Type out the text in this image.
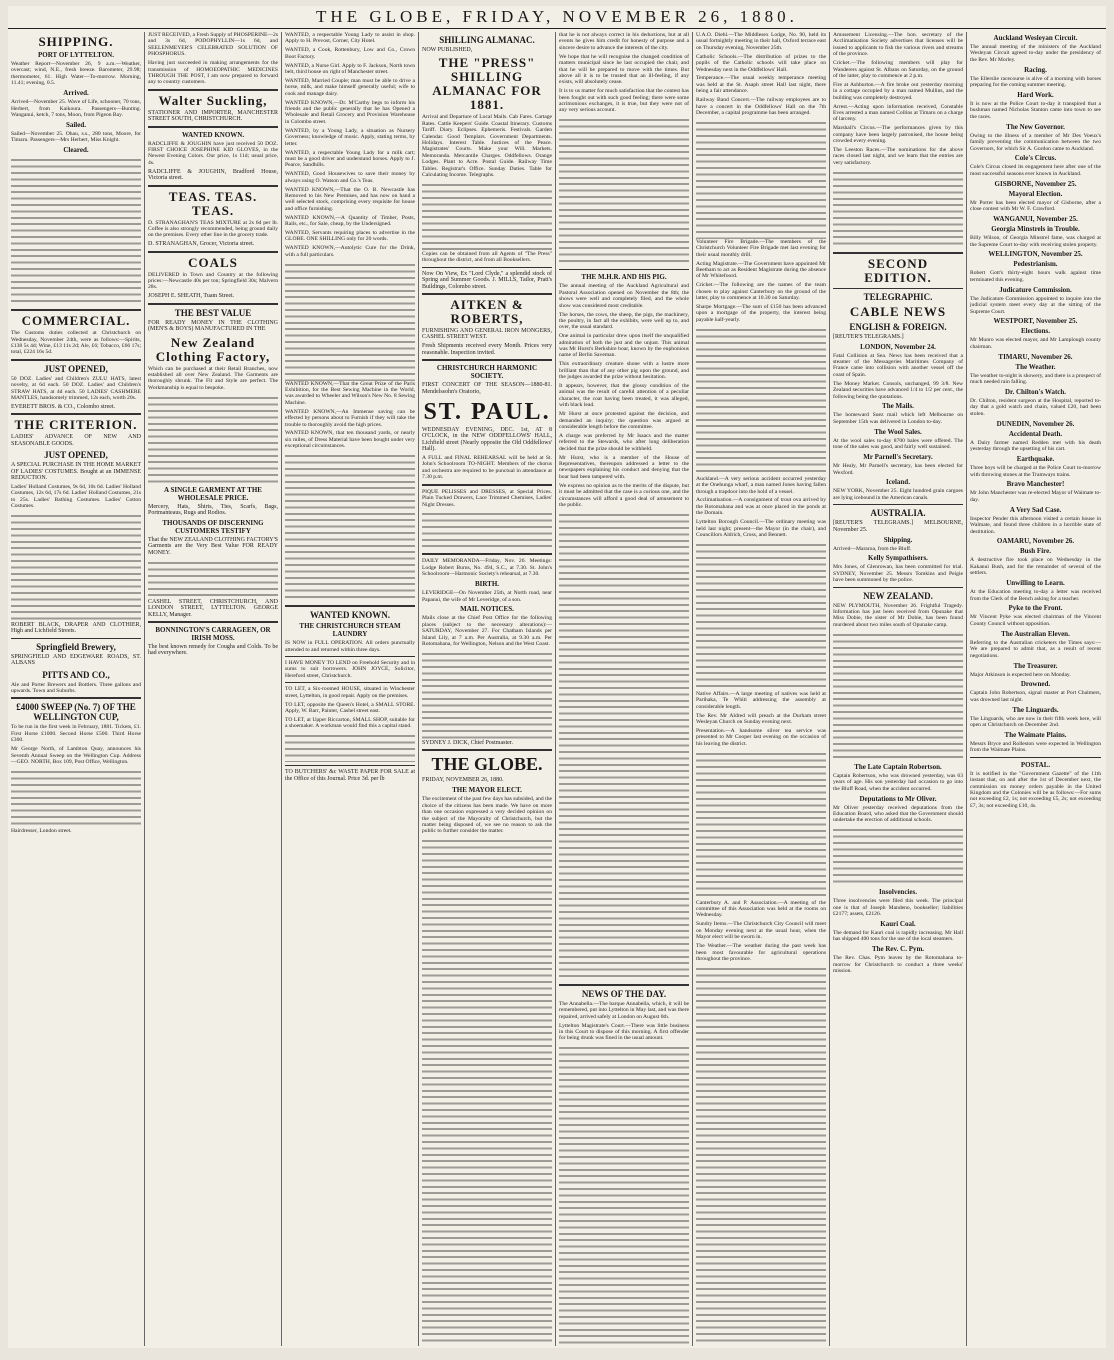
THE GLOBE, FRIDAY, NOVEMBER 26, 1880.
SHIPPING.
PORT OF LYTTELTON.

Weather Report—November 26, 9 a.m.—Weather, overcast; wind, N.E., fresh breeze. Barometer, 29.98; thermometer, 61. High Water—To-morrow. Morning, 11.41; evening, 0.5.

Arrived.

Arrived—November 25. Wave of Life, schooner, 70 tons, Herbert, from Kaikoura. Passengers—Bunting. Wanganui, ketch, 7 tons, Moon, from Pigeon Bay.

Sailed.

Sailed—November 25. Ohau, s.s., 280 tons, Moore, for Timaru. Passengers—Mrs Herbert, Miss Knight.

Cleared.
COMMERCIAL.

The Customs duties collected at Christchurch on Wednesday, November 24th, were as follows:—Spirits, £138 5s 4d; Wine, £13 11s 2d; Ale, £6; Tobacco, £66 17s; total, £224 16s 5d.

JUST OPENED,

50 DOZ. Ladies' and Children's ZULU HATS, latest novelty, at 6d each. 50 DOZ. Ladies' and Children's STRAW HATS, at 4d each. 50 LADIES' CASHMERE MANTLES, handsomely trimmed, 12s each, worth 20s.

EVERETT BROS. & CO., Colombo street.

THE CRITERION.

LADIES' ADVANCE OF NEW AND SEASONABLE GOODS.

JUST OPENED,

A SPECIAL PURCHASE IN THE HOME MARKET OF LADIES' COSTUMES. Bought at an IMMENSE REDUCTION.

Ladies' Holland Costumes, 9s 6d, 10s 6d. Ladies' Holland Costumes, 12s 6d, 17s 6d. Ladies' Holland Costumes, 21s to 25s. Ladies' Bathing Costumes. Ladies' Cotton Costumes.

ROBERT BLACK, DRAPER AND CLOTHIER, High and Lichfield Streets.

Springfield Brewery,

SPRINGFIELD AND EDGEWARE ROADS, ST. ALBANS

PITTS AND CO.,

Ale and Porter Brewers and Bottlers. Three gallons and upwards. Town and Suburbs.

£4000 SWEEP (No. 7) OF THE WELLINGTON CUP,

To be run in the first week in February, 1881. Tickets, £1. First Horse £1000. Second Horse £500. Third Horse £300.

Mr George North, of Lambton Quay, announces his Seventh Annual Sweep on the Wellington Cup. Address—GEO. NORTH, Box 109, Post Office, Wellington.

Hairdresser, London street.

JUST RECEIVED, a Fresh Supply of PHOSPERINE—2s and 3s 6d, PODOPHYLLIN—1s 6d, and SEELENMEYER'S CELEBRATED SOLUTION OF PHOSPHORUS.

Having just succeeded in making arrangements for the transmission of HOMOEOPATHIC MEDICINES THROUGH THE POST, I am now prepared to forward any to country customers.

Walter Suckling,

STATIONER AND IMPORTER, MANCHESTER STREET SOUTH, CHRISTCHURCH.

WANTED KNOWN.

RADCLIFFE & JOUGHIN have just received 50 DOZ. FIRST CHOICE JOSEPHINE KID GLOVES, in the Newest Evening Colors. Our price, 1s 11d; usual price, 4s.

RADCLIFFE & JOUGHIN, Bradford House, Victoria street.

TEAS. TEAS. TEAS.

D. STRANAGHAN'S TEAS MIXTURE at 2s 6d per lb. Coffee is also strongly recommended, being ground daily on the premises. Every other line in the grocery trade.

D. STRANAGHAN, Grocer, Victoria street.

COALS

DELIVERED in Town and Country at the following prices:—Newcastle 40s per ton; Springfield 30s; Malvern 28s.

JOSEPH E. SHEATH, Tuam Street.

THE BEST VALUE

FOR READY MONEY IN THE CLOTHING (MEN'S & BOYS) MANUFACTURED IN THE

New Zealand Clothing Factory,

Which can be purchased at their Retail Branches, now established all over New Zealand. The Garments are thoroughly shrunk. The Fit and Style are perfect. The Workmanship is equal to bespoke.

A SINGLE GARMENT AT THE WHOLESALE PRICE.

Mercery, Hats, Shirts, Ties, Scarfs, Bags, Portmanteaus, Rugs and Rodios.

THOUSANDS OF DISCERNING CUSTOMERS TESTIFY

That the NEW ZEALAND CLOTHING FACTORY'S Garments are the Very Best Value FOR READY MONEY.

CASHEL STREET, CHRISTCHURCH, AND LONDON STREET, LYTTELTON. GEORGE KELLY, Manager.

BONNINGTON'S CARRAGEEN, OR IRISH MOSS.

The best known remedy for Coughs and Colds. To be had everywhere.

WANTED, a respectable Young Lady to assist in shop. Apply to H. Prevost, Corner, City Hotel.

WANTED, a Cook, Rottenbury, Low and Co., Crown Boot Factory.

WANTED, a Nurse Girl. Apply to F. Jackson, North town belt, third house on right of Manchester street.

WANTED, Married Couple; man must be able to drive a horse, milk, and make himself generally useful; wife to cook and manage dairy.

WANTED KNOWN,—Dr. M'Carthy begs to inform his friends and the public generally that he has Opened a Wholesale and Retail Grocery and Provision Warehouse in Colombo street.

WANTED, by a Young Lady, a situation as Nursery Governess; knowledge of music. Apply, stating terms, by letter.

WANTED, a respectable Young Lady for a milk cart; must be a good driver and understand horses. Apply to J. Pearce, Sandhills.

WANTED, Good Housewives to save their money by always using O. Watson and Co.'s Teas.

WANTED KNOWN,—That the O. B. Newcastle has Removed to his New Premises, and has now on hand a well selected stock, comprising every requisite for house and office furnishing.

WANTED KNOWN,—A Quantity of Timber, Posts, Rails, etc., for Sale, cheap, by the Undersigned.

WANTED, Servants requiring places to advertise in the GLOBE. ONE SHILLING only for 20 words.

WANTED KNOWN,—Autolytic Cure for the Drink, with a full particulars.

WANTED KNOWN,—That the Great Prize of the Paris Exhibition, for the Best Sewing Machine in the World, was awarded to Wheeler and Wilson's New No. 8 Sewing Machine.

WANTED KNOWN,—An Immense saving can be effected by persons about to Furnish if they will take the trouble to thoroughly avoid the high prices.

WANTED KNOWN, that ten thousand yards, or nearly six miles, of Dress Material have been bought under very exceptional circumstances.

WANTED KNOWN.
THE CHRISTCHURCH STEAM LAUNDRY

IS NOW in FULL OPERATION. All orders punctually attended to and returned within three days.

I HAVE MONEY TO LEND on Freehold Security and in sums to suit borrowers. JOHN JOYCE, Solicitor, Hereford street, Christchurch.

TO LET, a Six-roomed HOUSE, situated in Winchester street, Lyttelton, in good repair. Apply on the premises.

TO LET, opposite the Queen's Hotel, a SMALL STORE. Apply, W. Barr, Painter, Cashel street east.

TO LET, at Upper Riccarton, SMALL SHOP, suitable for a shoemaker. A workman would find this a capital stand.

TO BUTCHERS' &c WASTE PAPER FOR SALE at the Office of this Journal. Price 3d. per lb

SHILLING ALMANAC.

NOW PUBLISHED,

THE "PRESS" SHILLING ALMANAC FOR 1881.

Arrival and Departure of Local Mails. Cab Fares. Cartage Rates. Cattle Keepers' Guide. Coastal Itinerary. Customs Tariff. Diary. Eclipses. Ephemeris. Festivals. Garden Calendar. Good Templars. Government Departments. Holidays. Interest Table. Justices of the Peace. Magistrates' Courts. Make your Will. Markets. Memoranda. Mercantile Charges. Oddfellows. Orange Lodges. Plant to Acre. Postal Guide. Railway Time Tables. Registrar's Office. Sunday Duties. Table for Calculating Income. Telegraphs.

Copies can be obtained from all Agents of "The Press" throughout the district, and from all Booksellers.

Now On View, Ex "Lord Clyde," a splendid stock of Spring and Summer Goods. J. MILLS, Tailor, Pratt's Buildings, Colombo street.

AITKEN & ROBERTS,

FURNISHING AND GENERAL IRON MONGERS, CASHEL STREET WEST.

Fresh Shipments received every Month. Prices very reasonable. Inspection invited.

CHRISTCHURCH HARMONIC SOCIETY.

FIRST CONCERT OF THE SEASON—1880-81. Mendelssohn's Oratorio,

ST. PAUL.

WEDNESDAY EVENING, DEC. 1st, AT 8 O'CLOCK, in the NEW ODDFELLOWS' HALL, Lichfield street (Nearly opposite the Old Oddfellows' Hall).

A FULL and FINAL REHEARSAL will be held at St. John's Schoolroom TO-NIGHT. Members of the chorus and orchestra are required to be punctual in attendance at 7.30 p.m.

PIQUE PELISSES and DRESSES, at Special Prices. Plain Tucked Drawers, Lace Trimmed Chemises, Ladies' Night Dresses.

DAILY MEMORANDA—Friday, Nov. 26. Meetings: Lodge Robert Burns, No. 494, S.C., at 7.30. St. John's Schoolroom—Harmonic Society's rehearsal, at 7.30.

BIRTH.

LEVERIDGE—On November 25th, at North road, near Papanui, the wife of Mr Leveridge, of a son.

MAIL NOTICES.

Mails close at the Chief Post Office for the following places (subject to the necessary alterations):—SATURDAY, November 27. For Chatham Islands per Island Lily, at 7 a.m. Per Australia, at 9.30 a.m. Per Rotomahana, for Wellington, Nelson and the West Coast.

SYDNEY J. DICK, Chief Postmaster.

THE GLOBE.

FRIDAY, NOVEMBER 26, 1880.

THE MAYOR ELECT.

The excitement of the past few days has subsided, and the choice of the citizens has been made. We have on more than one occasion expressed a very decided opinion on the subject of the Mayoralty of Christchurch, but the matter being disposed of, we see no reason to ask the public to further consider the matter.

that he is not always correct in his deductions, but at all events he gives him credit for honesty of purpose and a sincere desire to advance the interests of the city.

We hope that he will recognise the changed condition of matters municipal since he last occupied the chair, and that he will be prepared to move with the times. But above all it is to be trusted that an ill-feeling, if any exists, will absolutely cease.

It is to us matter for much satisfaction that the contest has been fought out with such good feeling; there were some acrimonious exchanges, it is true, but they were not of any very serious account.

THE M.H.R. AND HIS PIG.

The annual meeting of the Auckland Agricultural and Pastoral Association opened on November the 8th; the shows were well and completely filed, and the whole show was considered most creditable.

The horses, the cows, the sheep, the pigs, the machinery, the poultry, in fact all the exhibits, were well up to, and over, the usual standard.

One animal in particular drew upon itself the unqualified admiration of both the just and the unjust. This animal was Mr Hurst's Berkshire boar, known by the euphonious name of Berlin Saveman.

This extraordinary creature shone with a lustre more brilliant than that of any other pig upon the ground, and the judges awarded the prize without hesitation.

It appears, however, that the glossy condition of the animal was the result of careful attention of a peculiar character, the coat having been treated, it was alleged, with black lead.

Mr Hurst at once protested against the decision, and demanded an inquiry; the question was argued at considerable length before the committee.

A charge was preferred by Mr Isaacs and the matter referred to the Stewards, who after long deliberation decided that the prize should be withheld.

Mr Hurst, who is a member of the House of Representatives, thereupon addressed a letter to the newspapers explaining his conduct and denying that the boar had been tampered with.

We express no opinion as to the merits of the dispute, but it must be admitted that the case is a curious one, and the circumstances will afford a good deal of amusement to the public.

NEWS OF THE DAY.

The Annabella.—The barque Annabella, which, it will be remembered, put into Lyttelton in May last, and was there repaired, arrived safely at London on August 6th.

Lyttelton Magistrate's Court.—There was little business in this Court to dispose of this morning. A first offender for being drunk was fined in the usual amount.

U.A.O. Diehl.—The Middlesex Lodge, No. 90, held its usual fortnightly meeting in their hall, Oxford terrace east on Thursday evening, November 25th.

Catholic Schools.—The distribution of prizes to the pupils of the Catholic schools will take place on Wednesday next in the Oddfellows' Hall.

Temperance.—The usual weekly temperance meeting was held at the St. Asaph street Hall last night, there being a fair attendance.

Railway Band Concert.—The railway employees are to have a concert in the Oddfellows' Hall on the 7th December, a capital programme has been arranged.

Volunteer Fire Brigade.—The members of the Christchurch Volunteer Fire Brigade met last evening for their usual monthly drill.

Acting Magistrate.—The Government have appointed Mr Beetham to act as Resident Magistrate during the absence of Mr Whitefoord.

Cricket.—The following are the names of the team chosen to play against Canterbury on the ground of the latter, play to commence at 10.30 on Saturday.

Sharpe Mortgage.—The sum of £150 has been advanced upon a mortgage of the property, the interest being payable half-yearly.

Auckland.—A very serious accident occurred yesterday at the Onehunga wharf, a man named Jones having fallen through a trapdoor into the hold of a vessel.

Acclimatisation.—A consignment of trout ova arrived by the Rotomahana and was at once placed in the ponds at the Domain.

Lyttelton Borough Council.—The ordinary meeting was held last night; present—the Mayor (in the chair), and Councillors Aldrich, Cross, and Bennett.

Native Affairs.—A large meeting of natives was held at Parihaka, Te Whiti addressing the assembly at considerable length.

The Rev. Mr Aldred will preach at the Durham street Wesleyan Church on Sunday evening next.

Presentation.—A handsome silver tea service was presented to Mr Cooper last evening on the occasion of his leaving the district.

Canterbury A. and P. Association.—A meeting of the committee of this Association was held at the rooms on Wednesday.

Sundry Items.—The Christchurch City Council will meet on Monday evening next at the usual hour, when the Mayor elect will be sworn in.

The Weather.—The weather during the past week has been most favourable for agricultural operations throughout the province.

Amusement Licensing.—The hon. secretary of the Acclimatisation Society advertises that licenses will be issued to applicants to fish the various rivers and streams of the province.

Cricket.—The following members will play for Wanderers against St. Albans on Saturday, on the ground of the latter, play to commence at 2 p.m.

Fire at Ashburton.—A fire broke out yesterday morning in a cottage occupied by a man named Mullins, and the building was completely destroyed.

Arrest.—Acting upon information received, Constable Eves arrested a man named Collins at Timaru on a charge of larceny.

Marshall's Circus.—The performances given by this company have been largely patronised, the house being crowded every evening.

The Leeston Races.—The nominations for the above races closed last night, and we learn that the entries are very satisfactory.

SECOND EDITION.
TELEGRAPHIC.
CABLE NEWS
ENGLISH & FOREIGN.

[REUTER'S TELEGRAMS.]

LONDON, November 24.

Fatal Collision at Sea. News has been received that a steamer of the Messageries Maritimes Company of France came into collision with another vessel off the coast of Spain.

The Money Market. Consols, unchanged, 99 3/8. New Zealand securities have advanced 1/4 to 1/2 per cent., the following being the quotations.

The Mails.

The homeward Suez mail which left Melbourne on September 15th was delivered in London to-day.

The Wool Sales.

At the wool sales to-day 8700 bales were offered. The tone of the sales was good, and fairly well sustained.

Mr Parnell's Secretary.

Mr Healy, Mr Parnell's secretary, has been elected for Wexford.

Iceland.

NEW YORK, November 25. Eight hundred grain cargoes are lying icebound in the American canals.

AUSTRALIA.

[REUTER'S TELEGRAMS.] MELBOURNE, November 25.

Shipping.

Arrived—Mararoa, from the Bluff.

Kelly Sympathisers.

Mrs Jones, of Glenrowan, has been committed for trial. SYDNEY, November 25. Messrs Tomkins and Peigie have been summoned by the police.

NEW ZEALAND.

NEW PLYMOUTH, November 26. Frightful Tragedy. Information has just been received from Opunake that Miss Dobie, the sister of Mr Dobie, has been found murdered about two miles south of Opunake camp.

The Late Captain Robertson.

Captain Robertson, who was drowned yesterday, was 63 years of age. His son yesterday had occasion to go into the Bluff Road, when the accident occurred.

Deputations to Mr Oliver.

Mr Oliver yesterday received deputations from the Education Board, who asked that the Government should undertake the erection of additional schools.

Insolvencies.

Three insolvencies were filed this week. The principal one is that of Joseph Mandeno, bookseller; liabilities £2177; assets, £2126.

Kauri Coal.

The demand for Kauri coal is rapidly increasing. Mr Hall has shipped 400 tons for the use of the local steamers.

The Rev. C. Pym.

The Rev. Chas. Pym leaves by the Rotomahana to-morrow for Christchurch to conduct a three weeks' mission.

Auckland Wesleyan Circuit.

The annual meeting of the ministers of the Auckland Wesleyan Circuit agreed to-day under the presidency of the Rev. Mr Morley.

Racing.

The Ellerslie racecourse is alive of a morning with horses preparing for the coming summer meeting.

Hard Work.

It is now at the Police Court to-day it transpired that a bushman named Nicholas Stanton came into town to see the races.

The New Governor.

Owing to the illness of a member of Mr Des Voeux's family preventing the communication between the two Governors, for which Sir A. Gordon came to Auckland.

Cole's Circus.

Cole's Circus closed its engagement here after one of the most successful seasons ever known in Auckland.

GISBORNE, November 25.
Mayoral Election.

Mr Porter has been elected mayor of Gisborne, after a close contest with Mr W. F. Crawford.

WANGANUI, November 25.
Georgia Minstrels in Trouble.

Billy Wilson, of Georgia Minstrel fame, was charged at the Supreme Court to-day with receiving stolen property.

WELLINGTON, November 25.
Pedestrianism.

Robert Gott's thirty-eight hours walk against time terminated this evening.

Judicature Commission.

The Judicature Commission appointed to inquire into the judicial system meet every day at the sitting of the Supreme Court.

WESTPORT, November 25.
Elections.

Mr Munro was elected mayor, and Mr Lamplough county chairman.

TIMARU, November 26.
The Weather.

The weather to-night is showery, and there is a prospect of much needed rain falling.

Dr. Chilton's Watch.

Dr. Chilton, resident surgeon at the Hospital, reported to-day that a gold watch and chain, valued £20, had been stolen.

DUNEDIN, November 26.
Accidental Death.

A Dairy farmer named Redden met with his death yesterday through the upsetting of his cart.

Earthquake.

Three boys will be charged at the Police Court to-morrow with throwing stones at the Tramways trains.

Bravo Manchester!

Mr John Manchester was re-elected Mayor of Waimate to-day.

A Very Sad Case.

Inspector Pender this afternoon visited a certain house in Walmate, and found three children in a horrible state of destitution.

OAMARU, November 26.
Bush Fire.

A destructive fire took place on Wednesday in the Kakanui Bush, and for the remainder of several of the settlers.

Unwilling to Learn.

At the Education meeting to-day a letter was received from the Clerk of the Bench asking for a teacher.

Pyke to the Front.

Mr Vincent Pyke was elected chairman of the Vincent County Council without opposition.

The Australian Eleven.

Referring to the Australian cricketers the Times says:—We are prepared to admit that, as a result of recent negotiations.

The Treasurer.

Major Atkinson is expected here on Monday.

Drowned.

Captain John Robertson, signal master at Port Chalmers, was drowned last night.

The Linguards.

The Linguards, who are now in their fifth week here, will open at Christchurch on December 2nd.

The Waimate Plains.

Messrs Bryce and Rolleston were expected in Wellington from the Waimate Plains.

POSTAL.

It is notified in the "Government Gazette" of the 11th instant that, on and after the 1st of December next, the commission on money orders payable in the United Kingdom and the Colonies will be as follows:—For sums not exceeding £2, 1s; not exceeding £5, 2s; not exceeding £7, 3s; not exceeding £10, 4s.
